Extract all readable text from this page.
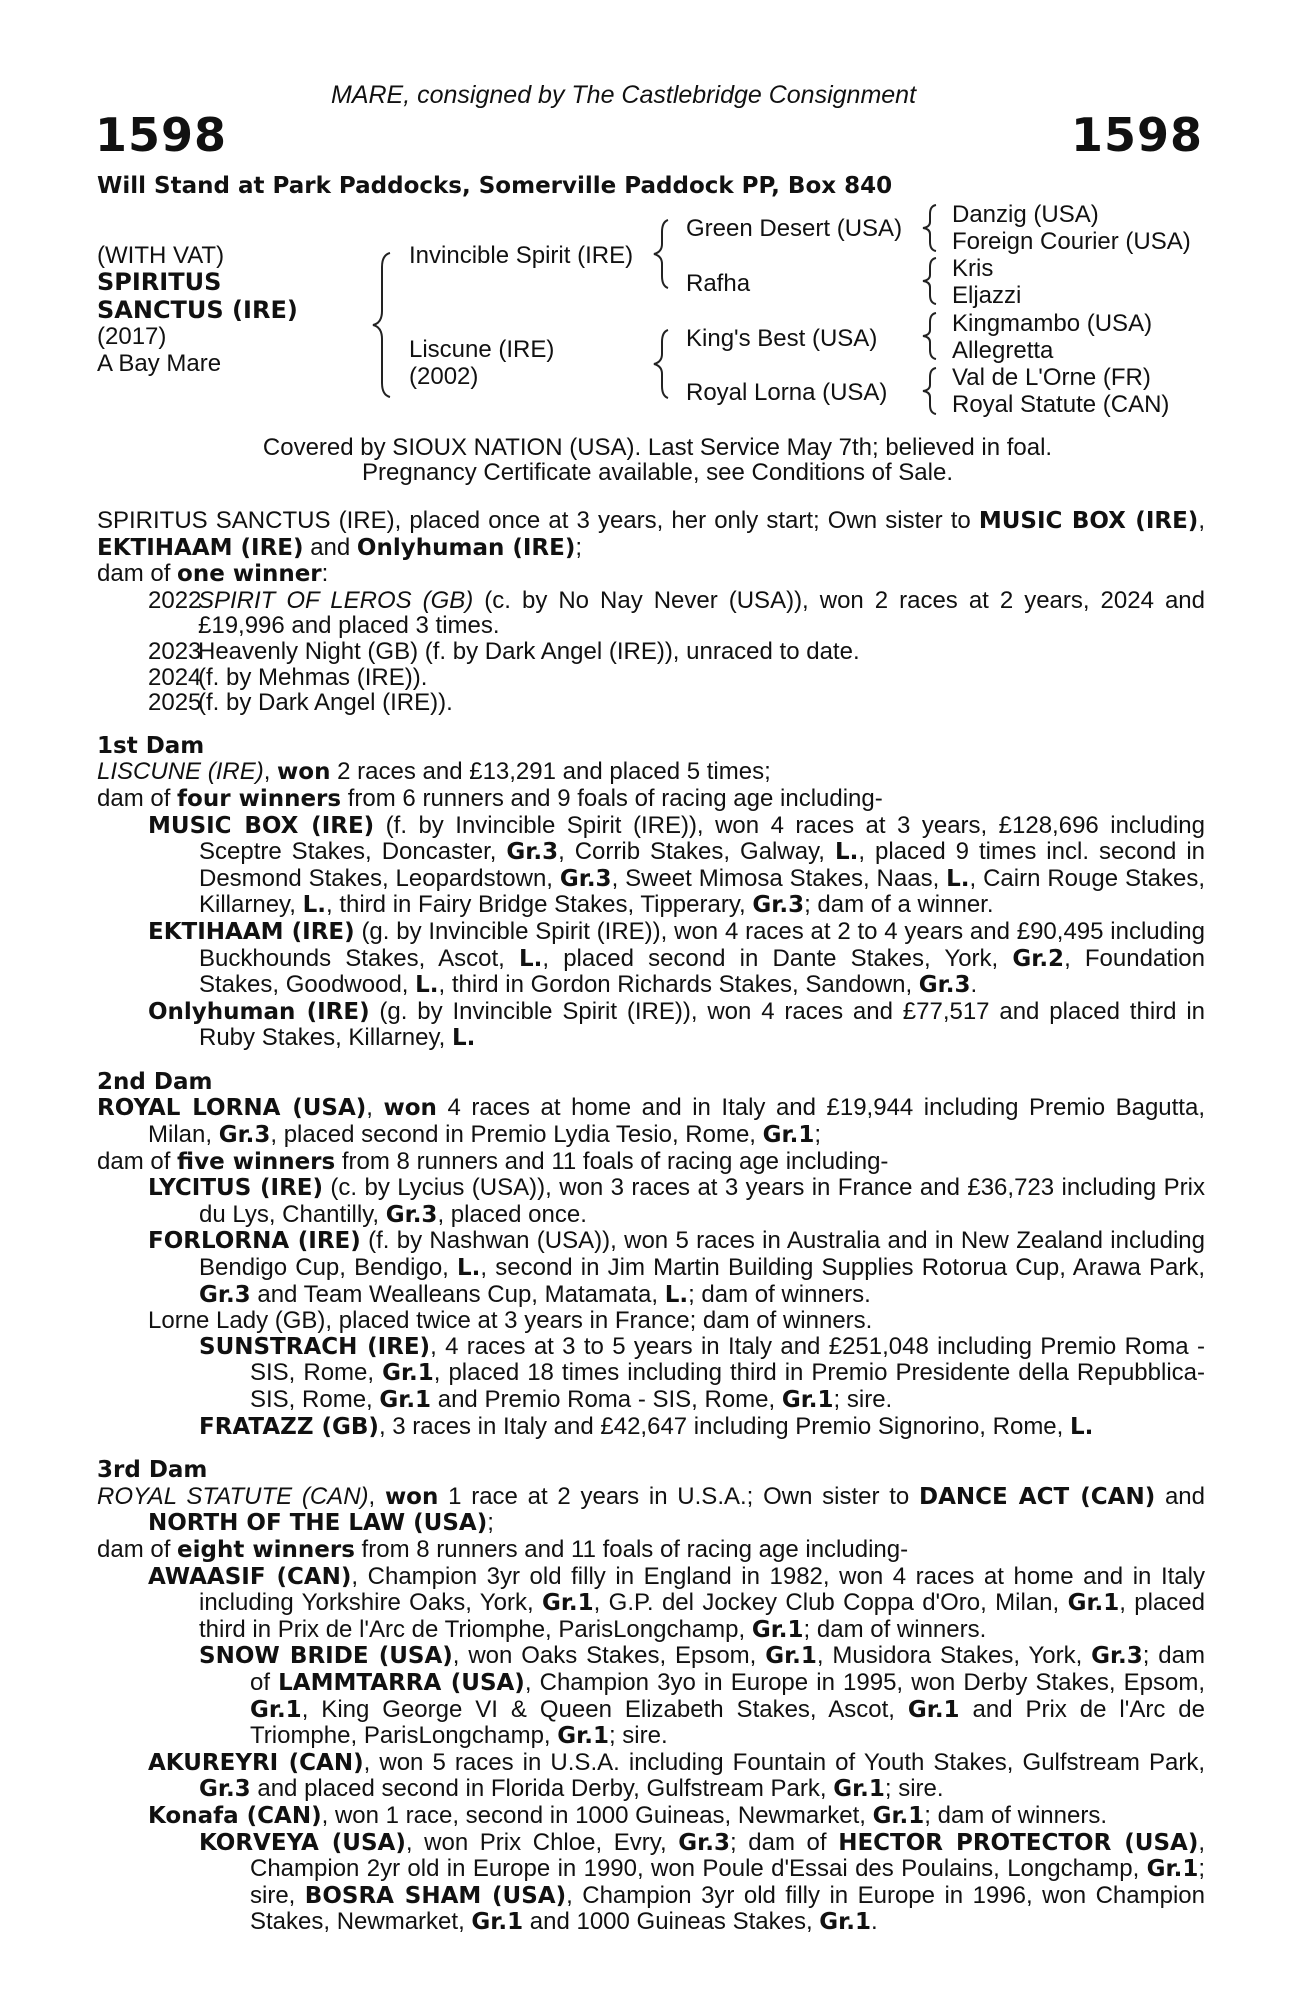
MARE, consigned by The Castlebridge Consignment
1598	1598
Will Stand at Park Paddocks, Somerville Paddock PP, Box 840
(WITH VAT)
SPIRITUS
SANCTUS (IRE)
(2017)
A Bay Mare
Invincible Spirit (IRE)
Liscune (IRE)
(2002)
Green Desert (USA)
Rafha
King's Best (USA)
Royal Lorna (USA)
Danzig (USA)
Foreign Courier (USA)
Kris
Eljazzi
Kingmambo (USA)
Allegretta
Val de L'Orne (FR)
Royal Statute (CAN)
Covered by SIOUX NATION (USA). Last Service May 7th; believed in foal.
Pregnancy Certificate available, see Conditions of Sale.
SPIRITUS SANCTUS (IRE), placed once at 3 years, her only start; Own sister to MUSIC BOX (IRE), EKTIHAAM (IRE) and Onlyhuman (IRE);
dam of one winner:
2022
SPIRIT OF LEROS (GB) (c. by No Nay Never (USA)), won 2 races at 2 years, 2024 and £19,996 and placed 3 times.
2023
Heavenly Night (GB) (f. by Dark Angel (IRE)), unraced to date.
2024
(f. by Mehmas (IRE)).
2025
(f. by Dark Angel (IRE)).
1st Dam
LISCUNE (IRE), won 2 races and £13,291 and placed 5 times;
dam of four winners from 6 runners and 9 foals of racing age including-
MUSIC BOX (IRE) (f. by Invincible Spirit (IRE)), won 4 races at 3 years, £128,696 including Sceptre Stakes, Doncaster, Gr.3, Corrib Stakes, Galway, L., placed 9 times incl. second in Desmond Stakes, Leopardstown, Gr.3, Sweet Mimosa Stakes, Naas, L., Cairn Rouge Stakes, Killarney, L., third in Fairy Bridge Stakes, Tipperary, Gr.3; dam of a winner.
EKTIHAAM (IRE) (g. by Invincible Spirit (IRE)), won 4 races at 2 to 4 years and £90,495 including Buckhounds Stakes, Ascot, L., placed second in Dante Stakes, York, Gr.2, Foundation Stakes, Goodwood, L., third in Gordon Richards Stakes, Sandown, Gr.3.
Onlyhuman (IRE) (g. by Invincible Spirit (IRE)), won 4 races and £77,517 and placed third in Ruby Stakes, Killarney, L.
2nd Dam
ROYAL LORNA (USA), won 4 races at home and in Italy and £19,944 including Premio Bagutta, Milan, Gr.3, placed second in Premio Lydia Tesio, Rome, Gr.1;
dam of five winners from 8 runners and 11 foals of racing age including-
LYCITUS (IRE) (c. by Lycius (USA)), won 3 races at 3 years in France and £36,723 including Prix du Lys, Chantilly, Gr.3, placed once.
FORLORNA (IRE) (f. by Nashwan (USA)), won 5 races in Australia and in New Zealand including Bendigo Cup, Bendigo, L., second in Jim Martin Building Supplies Rotorua Cup, Arawa Park, Gr.3 and Team Wealleans Cup, Matamata, L.; dam of winners.
Lorne Lady (GB), placed twice at 3 years in France; dam of winners.
SUNSTRACH (IRE), 4 races at 3 to 5 years in Italy and £251,048 including Premio Roma - SIS, Rome, Gr.1, placed 18 times including third in Premio Presidente della Repubblica-SIS, Rome, Gr.1 and Premio Roma - SIS, Rome, Gr.1; sire.
FRATAZZ (GB), 3 races in Italy and £42,647 including Premio Signorino, Rome, L.
3rd Dam
ROYAL STATUTE (CAN), won 1 race at 2 years in U.S.A.; Own sister to DANCE ACT (CAN) and NORTH OF THE LAW (USA);
dam of eight winners from 8 runners and 11 foals of racing age including-
AWAASIF (CAN), Champion 3yr old filly in England in 1982, won 4 races at home and in Italy including Yorkshire Oaks, York, Gr.1, G.P. del Jockey Club Coppa d'Oro, Milan, Gr.1, placed third in Prix de l'Arc de Triomphe, ParisLongchamp, Gr.1; dam of winners.
SNOW BRIDE (USA), won Oaks Stakes, Epsom, Gr.1, Musidora Stakes, York, Gr.3; dam of LAMMTARRA (USA), Champion 3yo in Europe in 1995, won Derby Stakes, Epsom, Gr.1, King George VI & Queen Elizabeth Stakes, Ascot, Gr.1 and Prix de l'Arc de Triomphe, ParisLongchamp, Gr.1; sire.
AKUREYRI (CAN), won 5 races in U.S.A. including Fountain of Youth Stakes, Gulfstream Park, Gr.3 and placed second in Florida Derby, Gulfstream Park, Gr.1; sire.
Konafa (CAN), won 1 race, second in 1000 Guineas, Newmarket, Gr.1; dam of winners.
KORVEYA (USA), won Prix Chloe, Evry, Gr.3; dam of HECTOR PROTECTOR (USA), Champion 2yr old in Europe in 1990, won Poule d'Essai des Poulains, Longchamp, Gr.1; sire, BOSRA SHAM (USA), Champion 3yr old filly in Europe in 1996, won Champion Stakes, Newmarket, Gr.1 and 1000 Guineas Stakes, Gr.1.
